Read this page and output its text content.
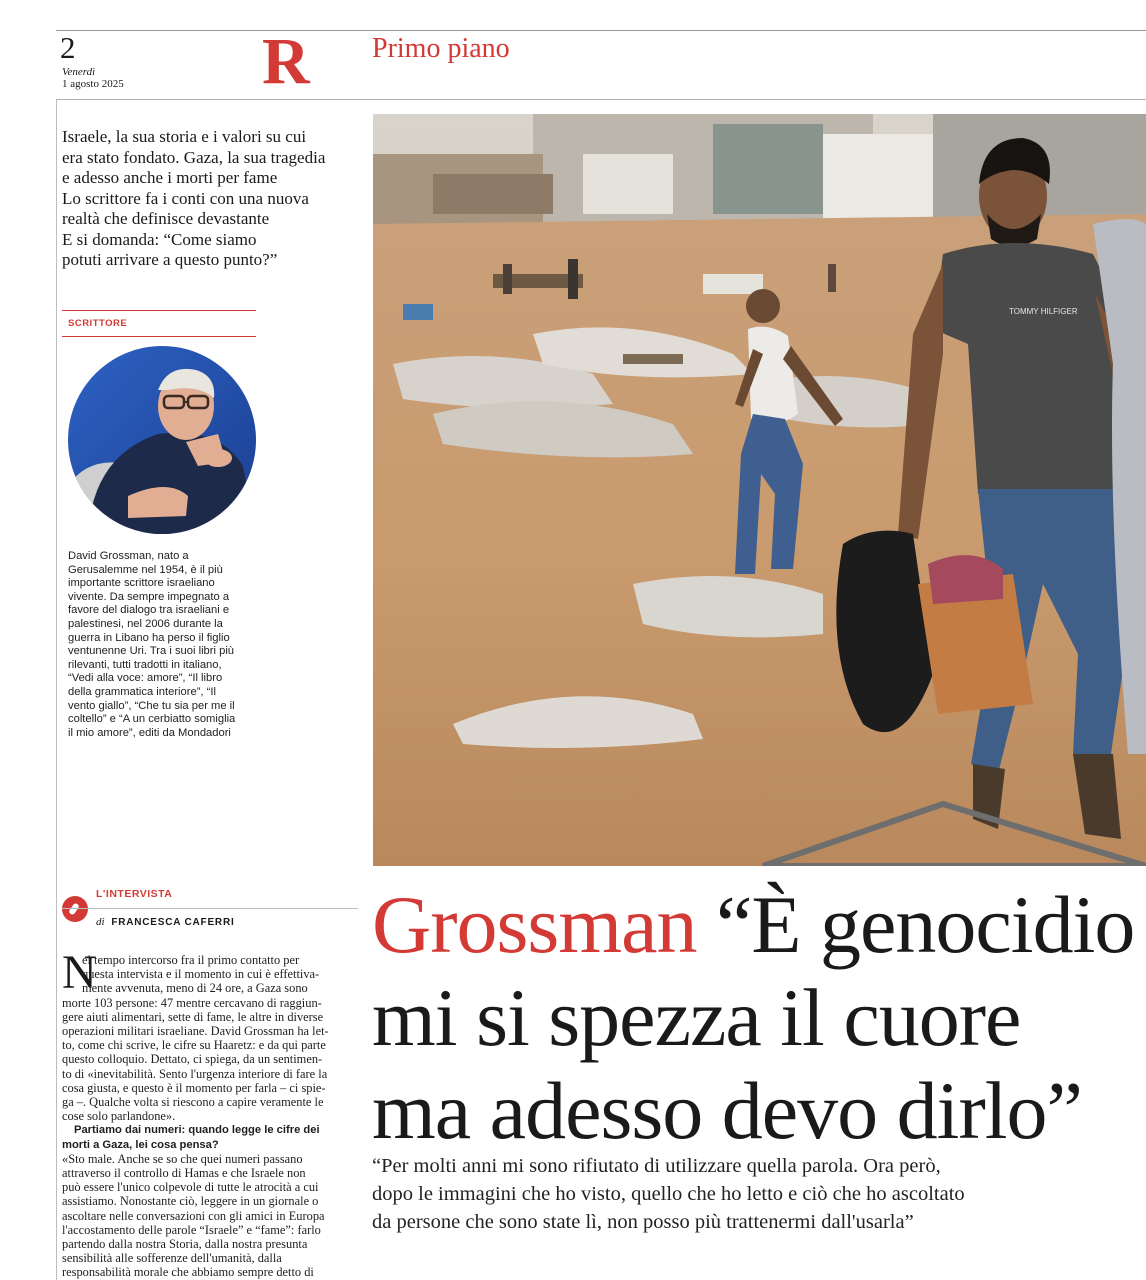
2
Venerdì
1 agosto 2025 R Primo piano
Israele, la sua storia e i valori su cui
era stato fondato. Gaza, la sua tragedia
e adesso anche i morti per fame
Lo scrittore fa i conti con una nuova
realtà che definisce devastante
E si domanda: “Come siamo
potuti arrivare a questo punto?”
SCRITTORE
David Grossman, nato a
Gerusalemme nel 1954, è il più
importante scrittore israeliano
vivente. Da sempre impegnato a
favore del dialogo tra israeliani e
palestinesi, nel 2006 durante la
guerra in Libano ha perso il figlio
ventunenne Uri. Tra i suoi libri più
rilevanti, tutti tradotti in italiano,
“Vedi alla voce: amore”, “Il libro
della grammatica interiore”, “Il
vento giallo”, “Che tu sia per me il
coltello” e “A un cerbiatto somiglia
il mio amore”, editi da Mondadori
L'INTERVISTA
di FRANCESCA CAFERRI
N
el tempo intercorso fra il primo contatto per
questa intervista e il momento in cui è effettiva-
mente avvenuta, meno di 24 ore, a Gaza sono
morte 103 persone: 47 mentre cercavano di raggiun-
gere aiuti alimentari, sette di fame, le altre in diverse
operazioni militari israeliane. David Grossman ha let-
to, come chi scrive, le cifre su Haaretz: e da qui parte
questo colloquio. Dettato, ci spiega, da un sentimen-
to di «inevitabilità. Sento l'urgenza interiore di fare la
cosa giusta, e questo è il momento per farla – ci spie-
ga –. Qualche volta si riescono a capire veramente le
cose solo parlandone».
Partiamo dai numeri: quando legge le cifre dei
morti a Gaza, lei cosa pensa?
«Sto male. Anche se so che quei numeri passano
attraverso il controllo di Hamas e che Israele non
può essere l'unico colpevole di tutte le atrocità a cui
assistiamo. Nonostante ciò, leggere in un giornale o
ascoltare nelle conversazioni con gli amici in Europa
l'accostamento delle parole “Israele” e “fame”: farlo
partendo dalla nostra Storia, dalla nostra presunta
sensibilità alle sofferenze dell'umanità, dalla
responsabilità morale che abbiamo sempre detto di
TOMMY HILFIGER
Grossman “È genocidio
mi si spezza il cuore
ma adesso devo dirlo”
“Per molti anni mi sono rifiutato di utilizzare quella parola. Ora però,
dopo le immagini che ho visto, quello che ho letto e ciò che ho ascoltato
da persone che sono state lì, non posso più trattenermi dall'usarla”
